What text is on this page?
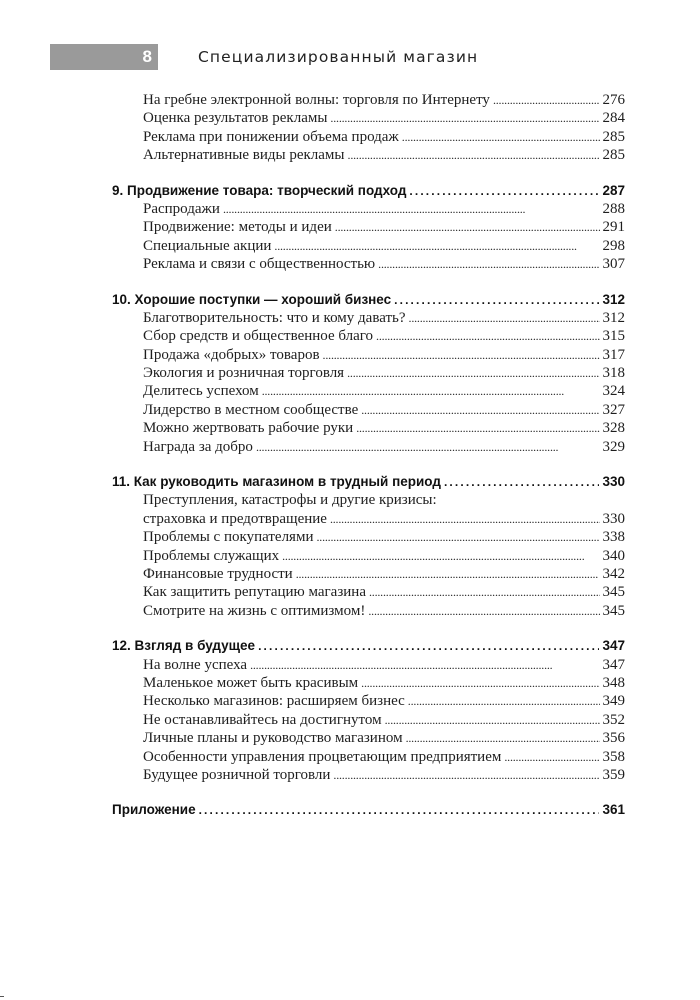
8	Специализированный магазин
На гребне электронной волны: торговля по Интернету . . .	276
Оценка результатов рекламы . . .	284
Реклама при понижении объема продаж . . .	285
Альтернативные виды рекламы . . .	285
9. Продвижение товара: творческий подход . . .	287
Распродажи . . .	288
Продвижение: методы и идеи . . .	291
Специальные акции . . .	298
Реклама и связи с общественностью . . .	307
10. Хорошие поступки — хороший бизнес . . .	312
Благотворительность: что и кому давать? . . .	312
Сбор средств и общественное благо . . .	315
Продажа «добрых» товаров . . .	317
Экология и розничная торговля . . .	318
Делитесь успехом . . .	324
Лидерство в местном сообществе . . .	327
Можно жертвовать рабочие руки . . .	328
Награда за добро . . .	329
11. Как руководить магазином в трудный период . . .	330
Преступления, катастрофы и другие кризисы:
страховка и предотвращение . . .	330
Проблемы с покупателями . . .	338
Проблемы служащих . . .	340
Финансовые трудности . . .	342
Как защитить репутацию магазина . . .	345
Смотрите на жизнь с оптимизмом! . . .	345
12. Взгляд в будущее . . .	347
На волне успеха . . .	347
Маленькое может быть красивым . . .	348
Несколько магазинов: расширяем бизнес . . .	349
Не останавливайтесь на достигнутом . . .	352
Личные планы и руководство магазином . . .	356
Особенности управления процветающим предприятием . . .	358
Будущее розничной торговли . . .	359
Приложение . . .	361
